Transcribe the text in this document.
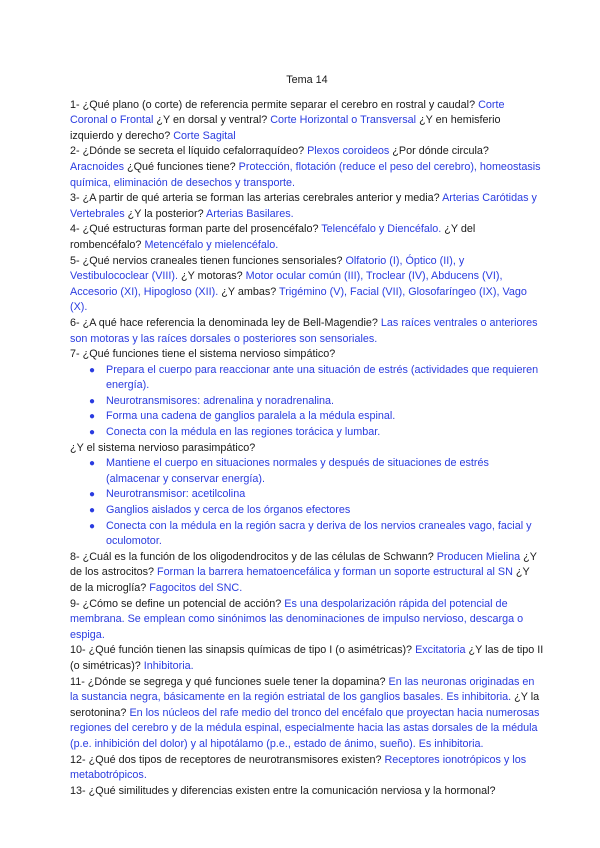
Tema 14

1- ¿Qué plano (o corte) de referencia permite separar el cerebro en rostral y caudal? Corte Coronal o Frontal ¿Y en dorsal y ventral? Corte Horizontal o Transversal ¿Y en hemisferio izquierdo y derecho? Corte Sagital

2- ¿Dónde se secreta el líquido cefalorraquídeo? Plexos coroideos ¿Por dónde circula? Aracnoides ¿Qué funciones tiene? Protección, flotación (reduce el peso del cerebro), homeostasis química, eliminación de desechos y transporte.

3- ¿A partir de qué arteria se forman las arterias cerebrales anterior y media? Arterias Carótidas y Vertebrales ¿Y la posterior? Arterias Basilares.

4- ¿Qué estructuras forman parte del prosencéfalo? Telencéfalo y Diencéfalo. ¿Y del rombencéfalo? Metencéfalo y mielencéfalo.

5- ¿Qué nervios craneales tienen funciones sensoriales? Olfatorio (I), Óptico (II), y Vestibulococlear (VIII). ¿Y motoras? Motor ocular común (III), Troclear (IV), Abducens (VI), Accesorio (XI), Hipogloso (XII). ¿Y ambas? Trigémino (V), Facial (VII), Glosofaríngeo (IX), Vago (X).

6- ¿A qué hace referencia la denominada ley de Bell-Magendie? Las raíces ventrales o anteriores son motoras y las raíces dorsales o posteriores son sensoriales.

7- ¿Qué funciones tiene el sistema nervioso simpático?

● Prepara el cuerpo para reaccionar ante una situación de estrés (actividades que requieren energía).
● Neurotransmisores: adrenalina y noradrenalina.
● Forma una cadena de ganglios paralela a la médula espinal.
● Conecta con la médula en las regiones torácica y lumbar.

¿Y el sistema nervioso parasimpático?

● Mantiene el cuerpo en situaciones normales y después de situaciones de estrés (almacenar y conservar energía).
● Neurotransmisor: acetilcolina
● Ganglios aislados y cerca de los órganos efectores
● Conecta con la médula en la región sacra y deriva de los nervios craneales vago, facial y oculomotor.

8- ¿Cuál es la función de los oligodendrocitos y de las células de Schwann? Producen Mielina ¿Y de los astrocitos? Forman la barrera hematoencefálica y forman un soporte estructural al SN ¿Y de la microglía? Fagocitos del SNC.

9- ¿Cómo se define un potencial de acción? Es una despolarización rápida del potencial de membrana. Se emplean como sinónimos las denominaciones de impulso nervioso, descarga o espiga.

10- ¿Qué función tienen las sinapsis químicas de tipo I (o asimétricas)? Excitatoria ¿Y las de tipo II (o simétricas)? Inhibitoria.

11- ¿Dónde se segrega y qué funciones suele tener la dopamina? En las neuronas originadas en la sustancia negra, básicamente en la región estriatal de los ganglios basales. Es inhibitoria. ¿Y la serotonina? En los núcleos del rafe medio del tronco del encéfalo que proyectan hacia numerosas regiones del cerebro y de la médula espinal, especialmente hacia las astas dorsales de la médula (p.e. inhibición del dolor) y al hipotálamo (p.e., estado de ánimo, sueño). Es inhibitoria.

12- ¿Qué dos tipos de receptores de neurotransmisores existen? Receptores ionotrópicos y los metabotrópicos.

13- ¿Qué similitudes y diferencias existen entre la comunicación nerviosa y la hormonal?
